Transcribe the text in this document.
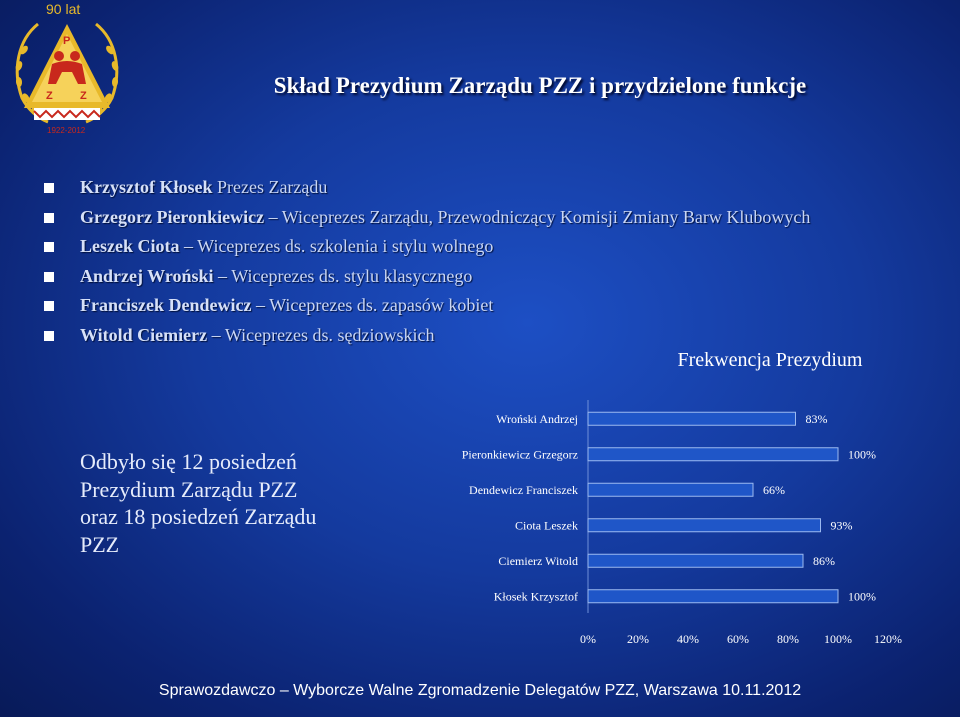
90 lat
P
Z Z
1922-2012
Skład Prezydium Zarządu PZZ i przydzielone funkcje
Krzysztof Kłosek Prezes Zarządu
Grzegorz Pieronkiewicz – Wiceprezes Zarządu, Przewodniczący Komisji Zmiany Barw Klubowych
Leszek Ciota – Wiceprezes ds. szkolenia i stylu wolnego
Andrzej Wroński – Wiceprezes ds. stylu klasycznego
Franciszek Dendewicz – Wiceprezes ds. zapasów kobiet
Witold Ciemierz – Wiceprezes ds. sędziowskich
Odbyło się 12 posiedzeń
Prezydium Zarządu PZZ
oraz 18 posiedzeń Zarządu
PZZ
Frekwencja Prezydium
Wroński Andrzej	83%
Pieronkiewicz Grzegorz	100%
Dendewicz Franciszek	66%
Ciota Leszek	93%
Ciemierz Witold	86%
Kłosek Krzysztof	100%
0%	20% 40% 60% 80% 100% 120%
Sprawozdawczo – Wyborcze Walne Zgromadzenie Delegatów PZZ, Warszawa 10.11.2012
